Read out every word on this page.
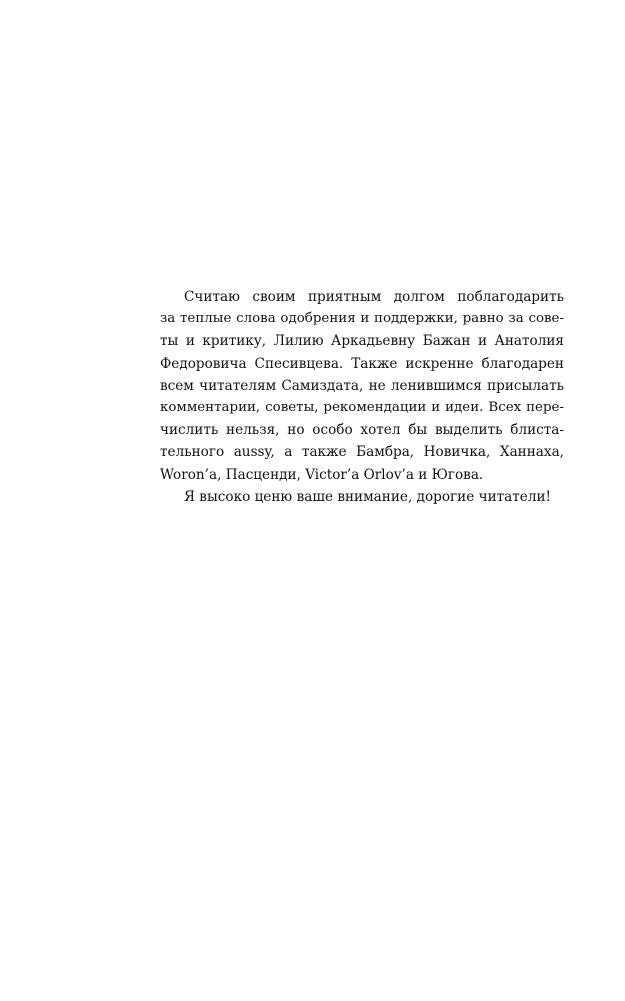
Считаю своим приятным долгом поблагодарить
за теплые слова одобрения и поддержки, равно за сове-
ты и критику, Лилию Аркадьевну Бажан и Анатолия
Федоровича Спесивцева. Также искренне благодарен
всем читателям Самиздата, не ленившимся присылать
комментарии, советы, рекомендации и идеи. Всех пере-
числить нельзя, но особо хотел бы выделить блиста-
тельного aussy, а также Бамбра, Новичка, Ханнаха,
Woron’a, Пасценди, Victor’a Orlov’a и Югова.
Я высоко ценю ваше внимание, дорогие читатели!
